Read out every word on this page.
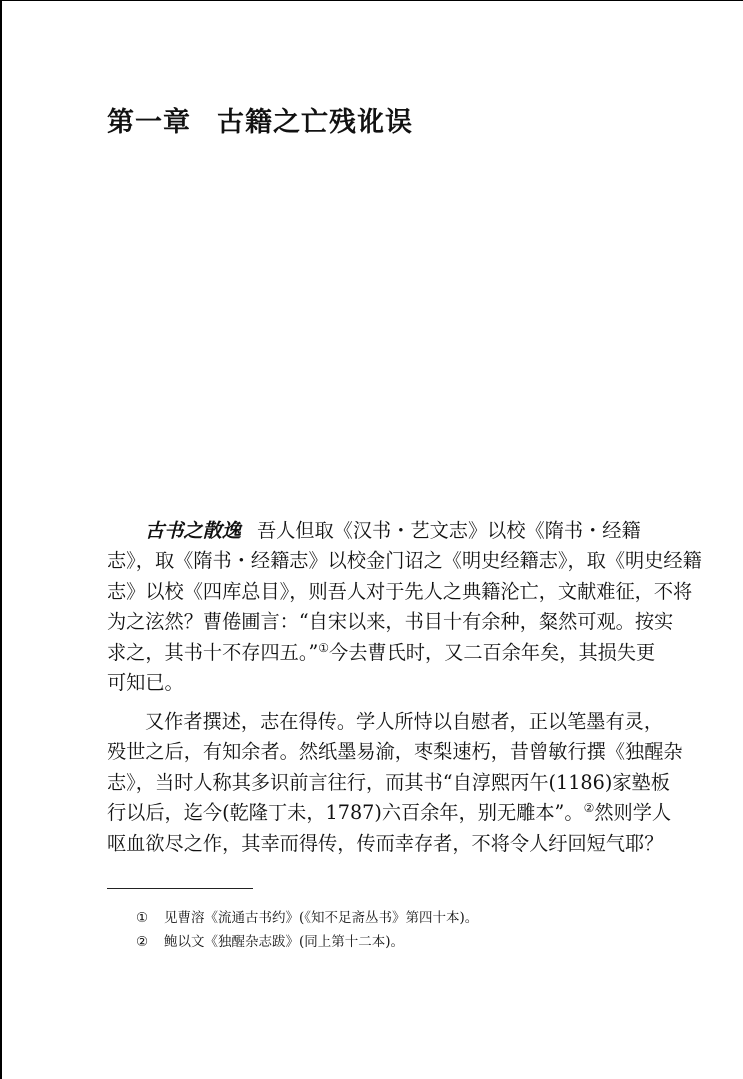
第一章 古籍之亡残讹误
古书之散逸 吾人但取《汉书・艺文志》以校《隋书・经籍
志》，取《隋书・经籍志》以校金门诏之《明史经籍志》，取《明史经籍
志》以校《四库总目》，则吾人对于先人之典籍沦亡，文献难征，不将
为之泫然？曹倦圃言：“自宋以来，书目十有余种，粲然可观。按实
求之，其书十不存四五。”①今去曹氏时，又二百余年矣，其损失更
可知已。
又作者撰述，志在得传。学人所恃以自慰者，正以笔墨有灵，
殁世之后，有知余者。然纸墨易渝，枣梨速朽，昔曾敏行撰《独醒杂
志》，当时人称其多识前言往行，而其书“自淳熙丙午(1186)家塾板
行以后，迄今(乾隆丁未，1787)六百余年，别无雕本”。②然则学人
呕血欲尽之作，其幸而得传，传而幸存者，不将令人纡回短气耶？
① 见曹溶《流通古书约》(《知不足斋丛书》第四十本)。
② 鲍以文《独醒杂志跋》(同上第十二本)。
